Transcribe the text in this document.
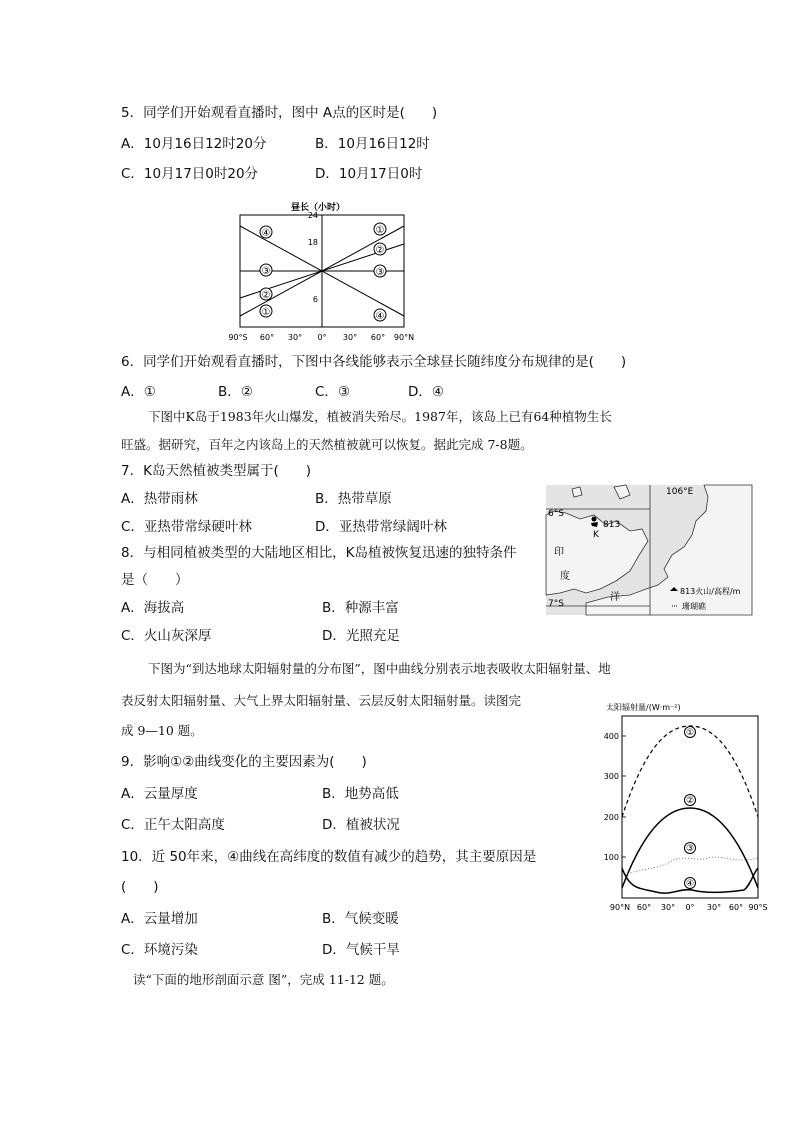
5．同学们开始观看直播时，图中 A点的区时是(　　)
A．10月16日12时20分	B．10月16日12时
C．10月17日0时20分	D．10月17日0时
昼长（小时）
24
18
6
④
③
②
①
①
②
③
④
90°S 60° 30° 0° 30° 60° 90°N
6．同学们开始观看直播时，下图中各线能够表示全球昼长随纬度分布规律的是(　　)
A．①	B．②	C．③	D．④
下图中K岛于1983年火山爆发，植被消失殆尽。1987年，该岛上已有64种植物生长
旺盛。据研究，百年之内该岛上的天然植被就可以恢复。据此完成 7-8题。
7．K岛天然植被类型属于(　　)
A．热带雨林	B．热带草原
C．亚热带常绿硬叶林	D．亚热带常绿阔叶林
8．与相同植被类型的大陆地区相比，K岛植被恢复迅速的独特条件
是（　　）
A．海拔高	B．种源丰富
C．火山灰深厚	D．光照充足
106°E
6°S
7°S
813
K
印
度
洋
813火山/高程/m
珊瑚礁
下图为“到达地球太阳辐射量的分布图”，图中曲线分别表示地表吸收太阳辐射量、地
表反射太阳辐射量、大气上界太阳辐射量、云层反射太阳辐射量。读图完
成 9—10 题。
太阳辐射量/(W·m⁻²)
400
300
200
100
①
②
③
④
90°N 60° 30° 0° 30° 60° 90°S
9．影响①②曲线变化的主要因素为(　　)
A．云量厚度	B．地势高低
C．正午太阳高度	D．植被状况
10．近 50年来，④曲线在高纬度的数值有减少的趋势，其主要原因是
(　　)
A．云量增加	B．气候变暖
C．环境污染	D．气候干旱
读“下面的地形剖面示意 图”，完成 11-12 题。
